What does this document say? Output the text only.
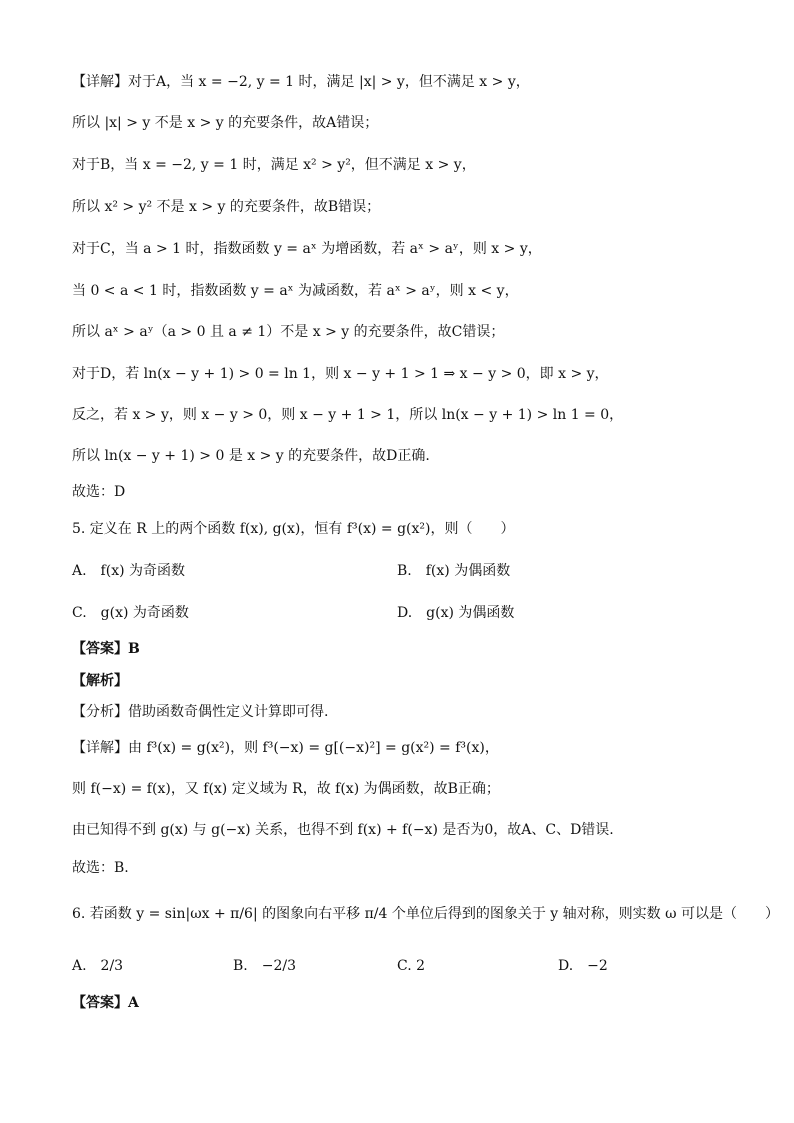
【详解】对于A，当 x = −2, y = 1 时，满足 |x| > y，但不满足 x > y，
所以 |x| > y 不是 x > y 的充要条件，故A错误；
对于B，当 x = −2, y = 1 时，满足 x² > y²，但不满足 x > y，
所以 x² > y² 不是 x > y 的充要条件，故B错误；
对于C，当 a > 1 时，指数函数 y = aˣ 为增函数，若 aˣ > aʸ，则 x > y，
当 0 < a < 1 时，指数函数 y = aˣ 为减函数，若 aˣ > aʸ，则 x < y，
所以 aˣ > aʸ（a > 0 且 a ≠ 1）不是 x > y 的充要条件，故C错误；
对于D，若 ln(x − y + 1) > 0 = ln 1，则 x − y + 1 > 1 ⇒ x − y > 0，即 x > y，
反之，若 x > y，则 x − y > 0，则 x − y + 1 > 1，所以 ln(x − y + 1) > ln 1 = 0，
所以 ln(x − y + 1) > 0 是 x > y 的充要条件，故D正确.
故选：D
5. 定义在 R 上的两个函数 f(x), g(x)，恒有 f³(x) = g(x²)，则（　　）
A.　f(x) 为奇函数	B.　f(x) 为偶函数
C.　g(x) 为奇函数	D.　g(x) 为偶函数
【答案】B
【解析】
【分析】借助函数奇偶性定义计算即可得.
【详解】由 f³(x) = g(x²)，则 f³(−x) = g[(−x)²] = g(x²) = f³(x)，
则 f(−x) = f(x)，又 f(x) 定义域为 R，故 f(x) 为偶函数，故B正确；
由已知得不到 g(x) 与 g(−x) 关系，也得不到 f(x) + f(−x) 是否为0，故A、C、D错误.
故选：B.
6. 若函数 y = sin|ωx + π/6| 的图象向右平移 π/4 个单位后得到的图象关于 y 轴对称，则实数 ω 可以是（　　）
A.　2/3	B.　−2/3	C. 2	D.　−2
【答案】A
